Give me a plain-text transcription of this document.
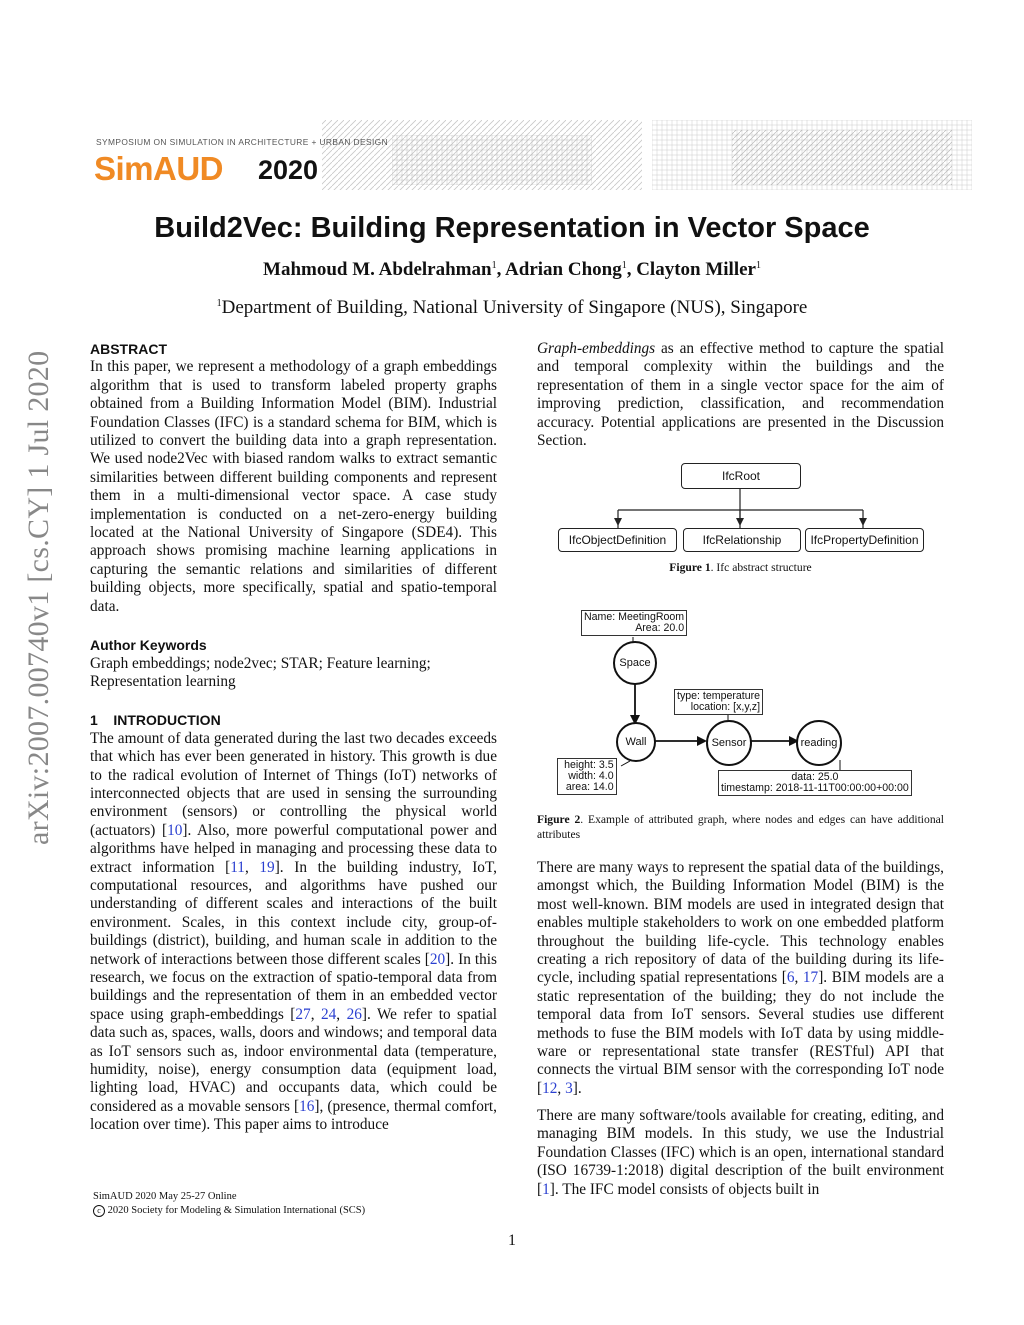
SYMPOSIUM ON SIMULATION IN ARCHITECTURE + URBAN DESIGN
SimAUD 2020
arXiv:2007.00740v1 [cs.CY] 1 Jul 2020
Build2Vec: Building Representation in Vector Space
Mahmoud M. Abdelrahman$^1$, Adrian Chong$^1$, Clayton Miller$^1$
$^1$Department of Building, National University of Singapore (NUS), Singapore
ABSTRACT
In this paper, we represent a methodology of a graph embeddings algorithm that is used to transform labeled property graphs obtained from a Building Information Model (BIM). Industrial Foundation Classes (IFC) is a standard schema for BIM, which is utilized to convert the building data into a graph representation. We used node2Vec with biased random walks to extract semantic similarities between different building components and represent them in a multi-dimensional vector space. A case study implementation is conducted on a net-zero-energy building located at the National University of Singapore (SDE4). This approach shows promising machine learning applications in capturing the semantic relations and similarities of different building objects, more specifically, spatial and spatio-temporal data.
Author Keywords
Graph embeddings; node2vec; STAR; Feature learning; Representation learning
1 INTRODUCTION
The amount of data generated during the last two decades exceeds that which has ever been generated in history. This growth is due to the radical evolution of Internet of Things (IoT) networks of interconnected objects that are used in sensing the surrounding environment (sensors) or controlling the physical world (actuators) [10]. Also, more powerful computational power and algorithms have helped in managing and processing these data to extract information [11, 19]. In the building industry, IoT, computational resources, and algorithms have pushed our understanding of different scales and interactions of the built environment. Scales, in this context include city, group-of-buildings (district), building, and human scale in addition to the network of interactions between those different scales [20]. In this research, we focus on the extraction of spatio-temporal data from buildings and the representation of them in an embedded vector space using graph-embeddings [27, 24, 26]. We refer to spatial data such as, spaces, walls, doors and windows; and temporal data as IoT sensors such as, indoor environmental data (temperature, humidity, noise), energy consumption data (equipment load, lighting load, HVAC) and occupants data, which could be considered as a movable sensors [16], (presence, thermal comfort, location over time). This paper aims to introduce
Graph-embeddings as an effective method to capture the spatial and temporal complexity within the buildings and the representation of them in a single vector space for the aim of improving prediction, classification, and recommendation accuracy. Potential applications are presented in the Discussion Section.
IfcRoot
IfcObjectDefinition	IfcRelationship	IfcPropertyDefinition
Figure 1. Ifc abstract structure
Name: MeetingRoom
Area: 20.0
Space
Wall	Sensor	reading
type: temperature
location: [x,y,z]
height: 3.5
width: 4.0
area: 14.0
data: 25.0
timestamp: 2018-11-11T00:00:00+00:00
Figure 2. Example of attributed graph, where nodes and edges can have additional attributes
There are many ways to represent the spatial data of the buildings, amongst which, the Building Information Model (BIM) is the most well-known. BIM models are used in integrated design that enables multiple stakeholders to work on one embedded platform throughout the building life-cycle. This technology enables creating a rich repository of data of the building during its life-cycle, including spatial representations [6, 17]. BIM models are a static representation of the building; they do not include the temporal data from IoT sensors. Several studies use different methods to fuse the BIM models with IoT data by using middle-ware or representational state transfer (RESTful) API that connects the virtual BIM sensor with the corresponding IoT node [12, 3].
There are many software/tools available for creating, editing, and managing BIM models. In this study, we use the Industrial Foundation Classes (IFC) which is an open, international standard (ISO 16739-1:2018) digital description of the built environment [1]. The IFC model consists of objects built in
SimAUD 2020 May 25-27 Online
c 2020 Society for Modeling & Simulation International (SCS)
1
